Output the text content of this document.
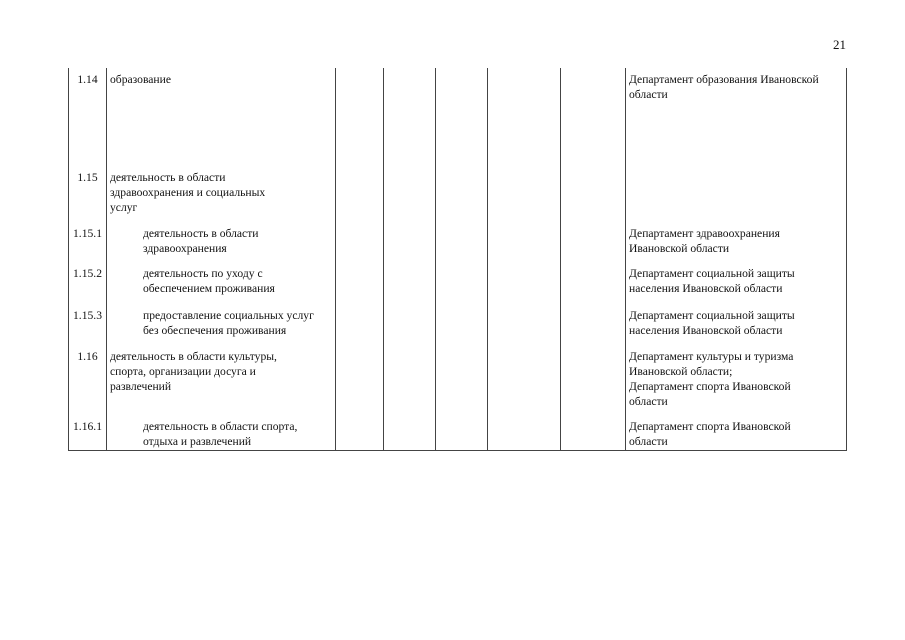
21
1.14	образование						Департамент образования Ивановской
области
1.15	деятельность в области
здравоохранения и социальных
услуг						
1.15.1	деятельность в области
здравоохранения						Департамент здравоохранения
Ивановской области
1.15.2	деятельность по уходу с
обеспечением проживания						Департамент социальной защиты
населения Ивановской области
1.15.3	предоставление социальных услуг
без обеспечения проживания						Департамент социальной защиты
населения Ивановской области
1.16	деятельность в области культуры,
спорта, организации досуга и
развлечений						Департамент культуры и туризма
Ивановской области;
Департамент спорта Ивановской
области
1.16.1	деятельность в области спорта,
отдыха и развлечений						Департамент спорта Ивановской
области
